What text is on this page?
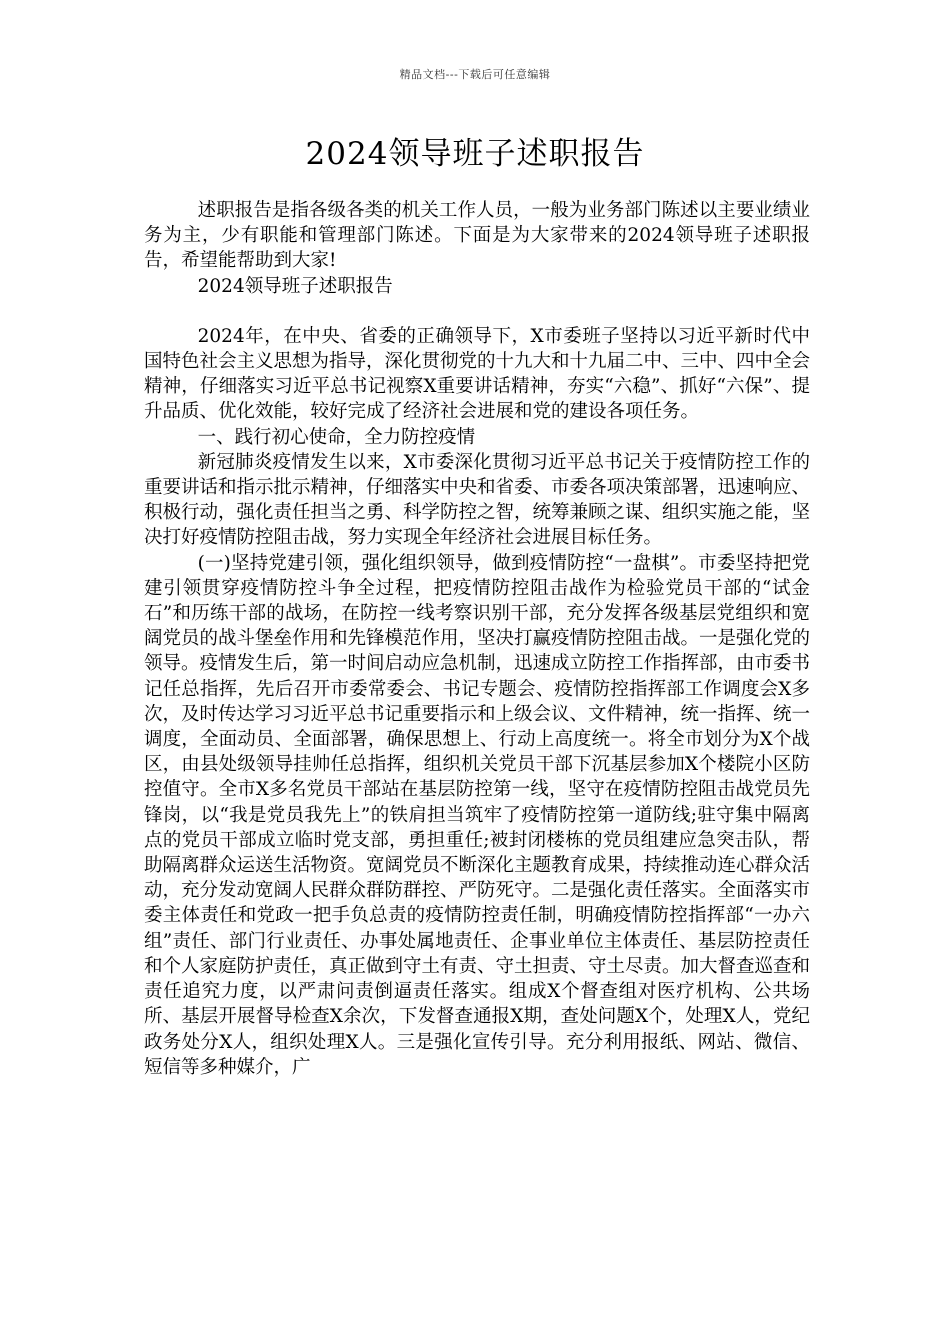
精品文档---下载后可任意编辑
2024领导班子述职报告

述职报告是指各级各类的机关工作人员，一般为业务部门陈述以主要业绩业务为主，少有职能和管理部门陈述。下面是为大家带来的2024领导班子述职报告，希望能帮助到大家!

2024领导班子述职报告

2024年，在中央、省委的正确领导下，X市委班子坚持以习近平新时代中国特色社会主义思想为指导，深化贯彻党的十九大和十九届二中、三中、四中全会精神，仔细落实习近平总书记视察X重要讲话精神，夯实“六稳”、抓好“六保”、提升品质、优化效能，较好完成了经济社会进展和党的建设各项任务。

一、践行初心使命，全力防控疫情

新冠肺炎疫情发生以来，X市委深化贯彻习近平总书记关于疫情防控工作的重要讲话和指示批示精神，仔细落实中央和省委、市委各项决策部署，迅速响应、积极行动，强化责任担当之勇、科学防控之智，统筹兼顾之谋、组织实施之能，坚决打好疫情防控阻击战，努力实现全年经济社会进展目标任务。

(一)坚持党建引领，强化组织领导，做到疫情防控“一盘棋”。市委坚持把党建引领贯穿疫情防控斗争全过程，把疫情防控阻击战作为检验党员干部的“试金石”和历练干部的战场，在防控一线考察识别干部，充分发挥各级基层党组织和宽阔党员的战斗堡垒作用和先锋模范作用，坚决打赢疫情防控阻击战。一是强化党的领导。疫情发生后，第一时间启动应急机制，迅速成立防控工作指挥部，由市委书记任总指挥，先后召开市委常委会、书记专题会、疫情防控指挥部工作调度会X多次，及时传达学习习近平总书记重要指示和上级会议、文件精神，统一指挥、统一调度，全面动员、全面部署，确保思想上、行动上高度统一。将全市划分为X个战区，由县处级领导挂帅任总指挥，组织机关党员干部下沉基层参加X个楼院小区防控值守。全市X多名党员干部站在基层防控第一线，坚守在疫情防控阻击战党员先锋岗，以“我是党员我先上”的铁肩担当筑牢了疫情防控第一道防线;驻守集中隔离点的党员干部成立临时党支部，勇担重任;被封闭楼栋的党员组建应急突击队，帮助隔离群众运送生活物资。宽阔党员不断深化主题教育成果，持续推动连心群众活动，充分发动宽阔人民群众群防群控、严防死守。二是强化责任落实。全面落实市委主体责任和党政一把手负总责的疫情防控责任制，明确疫情防控指挥部“一办六组”责任、部门行业责任、办事处属地责任、企事业单位主体责任、基层防控责任和个人家庭防护责任，真正做到守土有责、守土担责、守土尽责。加大督查巡查和责任追究力度，以严肃问责倒逼责任落实。组成X个督查组对医疗机构、公共场所、基层开展督导检查X余次，下发督查通报X期，查处问题X个，处理X人，党纪政务处分X人，组织处理X人。三是强化宣传引导。充分利用报纸、网站、微信、短信等多种媒介，广
